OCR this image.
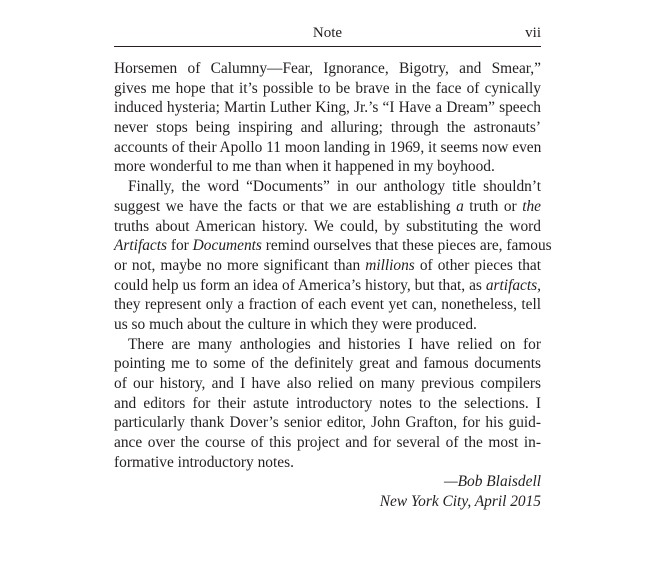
Note	vii
Horsemen of Calumny—Fear, Ignorance, Bigotry, and Smear,”
gives me hope that it’s possible to be brave in the face of cynically
induced hysteria; Martin Luther King, Jr.’s “I Have a Dream” speech
never stops being inspiring and alluring; through the astronauts’
accounts of their Apollo 11 moon landing in 1969, it seems now even
more wonderful to me than when it happened in my boyhood.
Finally, the word “Documents” in our anthology title shouldn’t
suggest we have the facts or that we are establishing a truth or the
truths about American history. We could, by substituting the word
Artifacts for Documents remind ourselves that these pieces are, famous
or not, maybe no more significant than millions of other pieces that
could help us form an idea of America’s history, but that, as artifacts,
they represent only a fraction of each event yet can, nonetheless, tell
us so much about the culture in which they were produced.
There are many anthologies and histories I have relied on for
pointing me to some of the definitely great and famous documents
of our history, and I have also relied on many previous compilers
and editors for their astute introductory notes to the selections. I
particularly thank Dover’s senior editor, John Grafton, for his guid-
ance over the course of this project and for several of the most in-
formative introductory notes.
—Bob Blaisdell
New York City, April 2015
